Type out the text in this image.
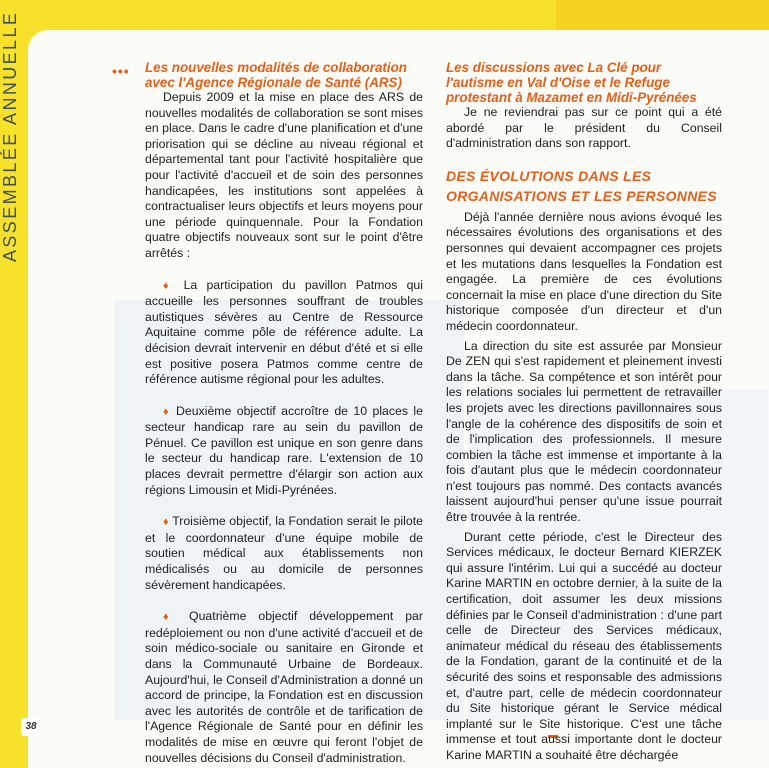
ASSEMBLÉE ANNUELLE
38
••• Les nouvelles modalités de collaboration avec l'Agence Régionale de Santé (ARS)

Depuis 2009 et la mise en place des ARS de nouvelles modalités de collaboration se sont mises en place. Dans le cadre d'une planification et d'une priorisation qui se décline au niveau régional et départemental tant pour l'activité hospitalière que pour l'activité d'accueil et de soin des personnes handicapées, les institutions sont appelées à contractualiser leurs objectifs et leurs moyens pour une période quinquennale. Pour la Fondation quatre objectifs nouveaux sont sur le point d'être arrêtés :

♦ La participation du pavillon Patmos qui accueille les personnes souffrant de troubles autistiques sévères au Centre de Ressource Aquitaine comme pôle de référence adulte. La décision devrait intervenir en début d'été et si elle est positive posera Patmos comme centre de référence autisme régional pour les adultes.

♦ Deuxième objectif accroître de 10 places le secteur handicap rare au sein du pavillon de Pénuel. Ce pavillon est unique en son genre dans le secteur du handicap rare. L'extension de 10 places devrait permettre d'élargir son action aux régions Limousin et Midi-Pyrénées.

♦ Troisième objectif, la Fondation serait le pilote et le coordonnateur d'une équipe mobile de soutien médical aux établissements non médicalisés ou au domicile de personnes sévèrement handicapées.

♦ Quatrième objectif développement par redéploiement ou non d'une activité d'accueil et de soin médico-sociale ou sanitaire en Gironde et dans la Communauté Urbaine de Bordeaux. Aujourd'hui, le Conseil d'Administration a donné un accord de principe, la Fondation est en discussion avec les autorités de contrôle et de tarification de l'Agence Régionale de Santé pour en définir les modalités de mise en œuvre qui feront l'objet de nouvelles décisions du Conseil d'administration.

Les discussions avec La Clé pour l'autisme en Val d'Oise et le Refuge protestant à Mazamet en Midi-Pyrénées

Je ne reviendrai pas sur ce point qui a été abordé par le président du Conseil d'administration dans son rapport.

DES ÉVOLUTIONS DANS LES
ORGANISATIONS ET LES PERSONNES

Déjà l'année dernière nous avions évoqué les nécessaires évolutions des organisations et des personnes qui devaient accompagner ces projets et les mutations dans lesquelles la Fondation est engagée. La première de ces évolutions concernait la mise en place d'une direction du Site historique composée d'un directeur et d'un médecin coordonnateur.

La direction du site est assurée par Monsieur De ZEN qui s'est rapidement et pleinement investi dans la tâche. Sa compétence et son intérêt pour les relations sociales lui permettent de retravailler les projets avec les directions pavillonnaires sous l'angle de la cohérence des dispositifs de soin et de l'implication des professionnels. Il mesure combien la tâche est immense et importante à la fois d'autant plus que le médecin coordonnateur n'est toujours pas nommé. Des contacts avancés laissent aujourd'hui penser qu'une issue pourrait être trouvée à la rentrée.

Durant cette période, c'est le Directeur des Services médicaux, le docteur Bernard KIERZEK qui assure l'intérim. Lui qui a succédé au docteur Karine MARTIN en octobre dernier, à la suite de la certification, doit assumer les deux missions définies par le Conseil d'administration : d'une part celle de Directeur des Services médicaux, animateur médical du réseau des établissements de la Fondation, garant de la continuité et de la sécurité des soins et responsable des admissions et, d'autre part, celle de médecin coordonnateur du Site historique gérant le Service médical implanté sur le Site historique. C'est une tâche immense et tout aussi importante dont le docteur Karine MARTIN a souhaité être déchargée
